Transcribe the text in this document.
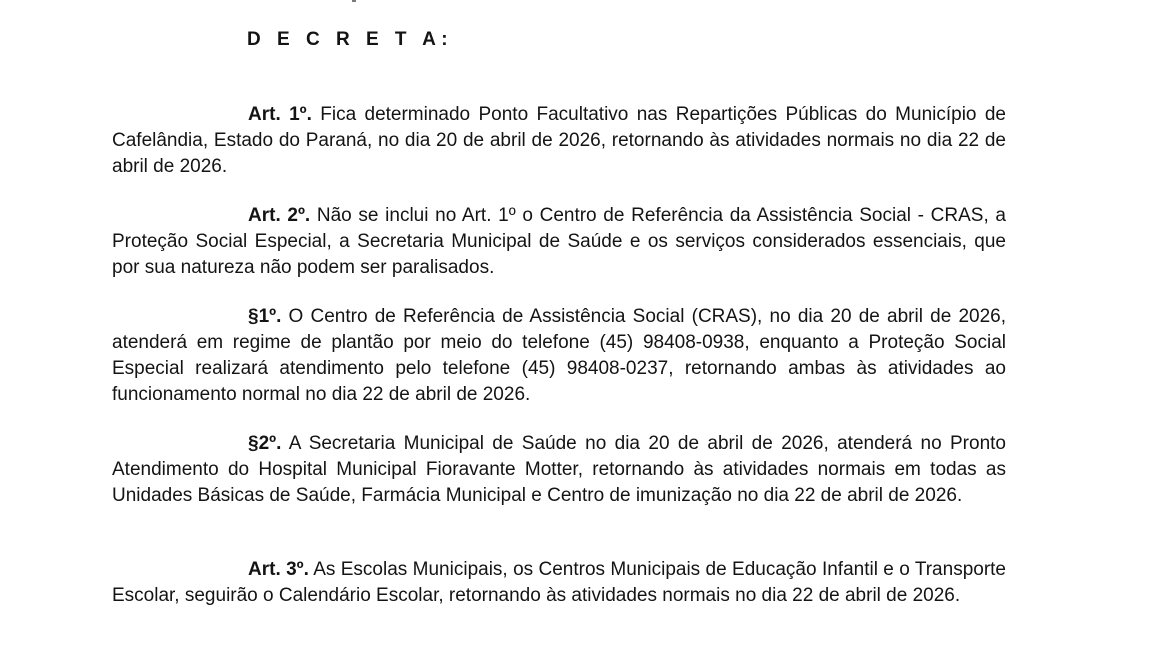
D E C R E T A:

Art. 1º. Fica determinado Ponto Facultativo nas Repartições Públicas do Município de Cafelândia, Estado do Paraná, no dia 20 de abril de 2026, retornando às atividades normais no dia 22 de abril de 2026.

Art. 2º. Não se inclui no Art. 1º o Centro de Referência da Assistência Social - CRAS, a Proteção Social Especial, a Secretaria Municipal de Saúde e os serviços considerados essenciais, que por sua natureza não podem ser paralisados.

§1º. O Centro de Referência de Assistência Social (CRAS), no dia 20 de abril de 2026, atenderá em regime de plantão por meio do telefone (45) 98408-0938, enquanto a Proteção Social Especial realizará atendimento pelo telefone (45) 98408-0237, retornando ambas às atividades ao funcionamento normal no dia 22 de abril de 2026.

§2º. A Secretaria Municipal de Saúde no dia 20 de abril de 2026, atenderá no Pronto Atendimento do Hospital Municipal Fioravante Motter, retornando às atividades normais em todas as Unidades Básicas de Saúde, Farmácia Municipal e Centro de imunização no dia 22 de abril de 2026.

Art. 3º. As Escolas Municipais, os Centros Municipais de Educação Infantil e o Transporte Escolar, seguirão o Calendário Escolar, retornando às atividades normais no dia 22 de abril de 2026.
